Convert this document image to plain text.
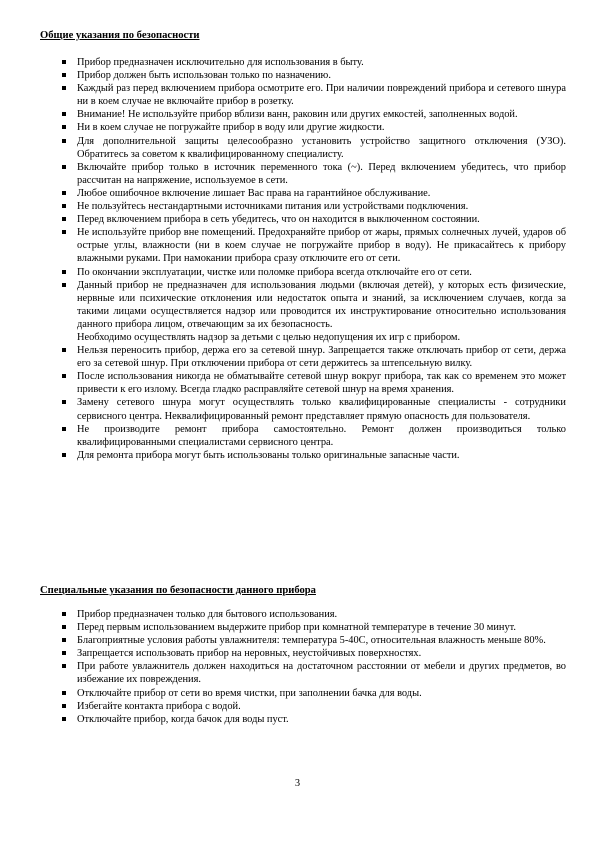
Общие указания по безопасности

Прибор предназначен исключительно для использования в быту.

Прибор должен быть использован только по назначению.

Каждый раз перед включением прибора осмотрите его. При наличии повреждений прибора и сетевого шнура ни в коем случае не включайте прибор в розетку.

Внимание! Не используйте прибор вблизи ванн, раковин или других емкостей, заполненных водой.

Ни в коем случае не погружайте прибор в воду или другие жидкости.

Для дополнительной защиты целесообразно установить устройство защитного отключения (УЗО). Обратитесь за советом к квалифицированному специалисту.

Включайте прибор только в источник переменного тока (~). Перед включением убедитесь, что прибор рассчитан на напряжение, используемое в сети.

Любое ошибочное включение лишает Вас права на гарантийное обслуживание.

Не пользуйтесь нестандартными источниками питания или устройствами подключения.

Перед включением прибора в сеть убедитесь, что он находится в выключенном состоянии.

Не используйте прибор вне помещений. Предохраняйте прибор от жары, прямых солнечных лучей, ударов об острые углы, влажности (ни в коем случае не погружайте прибор в воду). Не прикасайтесь к прибору влажными руками. При намокании прибора сразу отключите его от сети.

По окончании эксплуатации, чистке или поломке прибора всегда отключайте его от сети.

Данный прибор не предназначен для использования людьми (включая детей), у которых есть физические, нервные или психические отклонения или недостаток опыта и знаний, за исключением случаев, когда за такими лицами осуществляется надзор или проводится их инструктирование относительно использования данного прибора лицом, отвечающим за их безопасность.

Необходимо осуществлять надзор за детьми с целью недопущения их игр с прибором.

Нельзя переносить прибор, держа его за сетевой шнур. Запрещается также отключать прибор от сети, держа его за сетевой шнур. При отключении прибора от сети держитесь за штепсельную вилку.

После использования никогда не обматывайте сетевой шнур вокруг прибора, так как со временем это может привести к его излому. Всегда гладко расправляйте сетевой шнур на время хранения.

Замену сетевого шнура могут осуществлять только квалифицированные специалисты - сотрудники сервисного центра. Неквалифицированный ремонт представляет прямую опасность для пользователя.

Не производите ремонт прибора самостоятельно. Ремонт должен производиться только квалифицированными специалистами сервисного центра.

Для ремонта прибора могут быть использованы только оригинальные запасные части.

Специальные указания по безопасности данного прибора

Прибор предназначен только для бытового использования.

Перед первым использованием выдержите прибор при комнатной температуре в течение 30 минут.

Благоприятные условия работы увлажнителя: температура 5-40С, относительная влажность меньше 80%.

Запрещается использовать прибор на неровных, неустойчивых поверхностях.

При работе увлажнитель должен находиться на достаточном расстоянии от мебели и других предметов, во избежание их повреждения.

Отключайте прибор от сети во время чистки, при заполнении бачка для воды.

Избегайте контакта прибора с водой.

Отключайте прибор, когда бачок для воды пуст.

3
